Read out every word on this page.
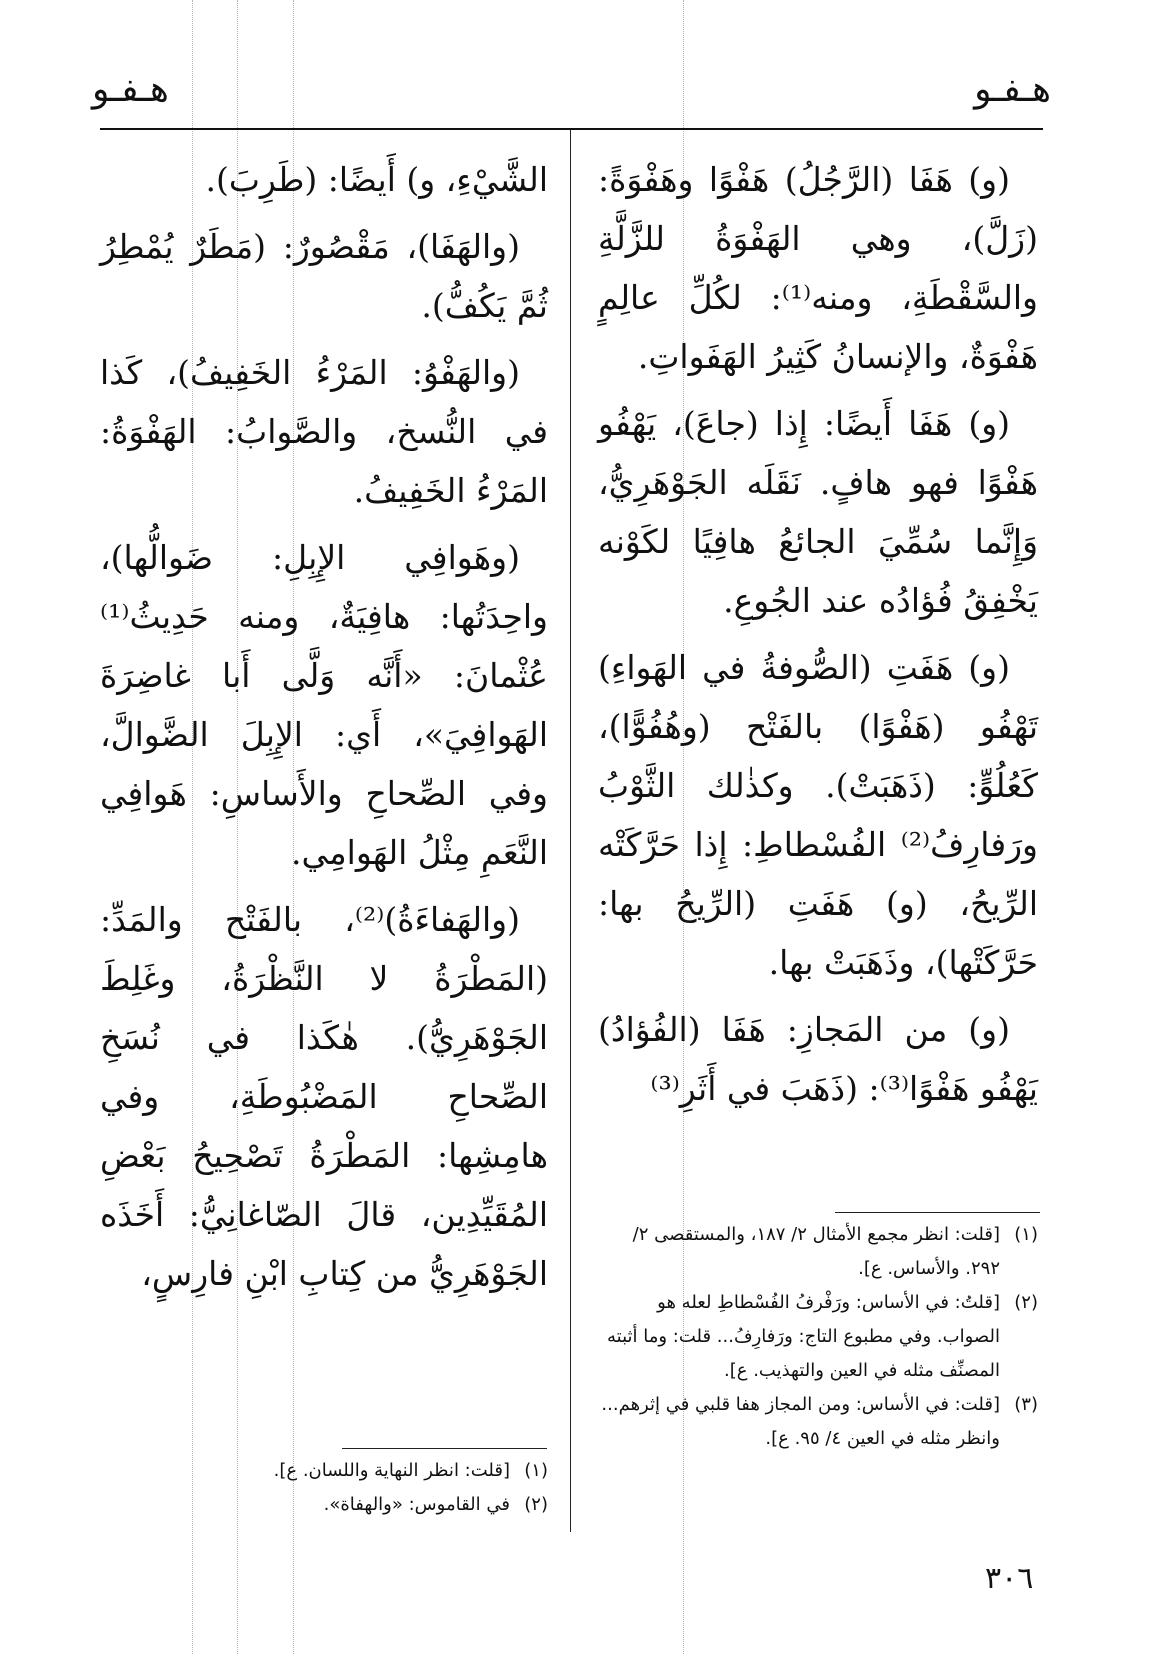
هـفـو
هـفـو

(و) هَفَا (الرَّجُلُ) هَفْوًا وهَفْوَةً: (زَلَّ)، وهي الهَفْوَةُ للزَّلَّةِ والسَّقْطَةِ، ومنه⁽¹⁾: لكُلِّ عالِمٍ هَفْوَةٌ، والإنسانُ كَثِيرُ الهَفَواتِ.

(و) هَفَا أَيضًا: إِذا (جاعَ)، يَهْفُو هَفْوًا فهو هافٍ. نَقَلَه الجَوْهَرِيُّ، وَإِنَّما سُمِّيَ الجائعُ هافِيًا لكَوْنه يَخْفِقُ فُؤادُه عند الجُوعِ.

(و) هَفَتِ (الصُّوفةُ في الهَواءِ) تَهْفُو (هَفْوًا) بالفَتْح (وهُفُوًّا)، كَعُلُوٍّ: (ذَهَبَتْ). وكذٰلك الثَّوْبُ ورَفارِفُ⁽²⁾ الفُسْطاطِ: إِذا حَرَّكَتْه الرِّيحُ، (و) هَفَتِ (الرِّيحُ بها: حَرَّكَتْها)، وذَهَبَتْ بها.

(و) من المَجازِ: هَفَا (الفُؤادُ) يَهْفُو هَفْوًا⁽³⁾: (ذَهَبَ في أَثَرِ⁽³⁾

(١)
[قلت: انظر مجمع الأمثال ٢/ ١٨٧، والمستقصى ٢/ ٢٩٢. والأساس. ع].
(٢)
[قلتُ: في الأساس: ورَفْرفُ الفُسْطاطِ لعله هو الصواب. وفي مطبوع التاج: ورَفارِفُ... قلت: وما أثبته المصنِّف مثله في العين والتهذيب. ع].
(٣)
[قلت: في الأساس: ومن المجاز هفا قلبي في إثرهم... وانظر مثله في العين ٤/ ٩٥. ع].

الشَّيْءِ، و) أَيضًا: (طَرِبَ).

(والهَفَا)، مَقْصُورٌ: (مَطَرٌ يُمْطِرُ ثُمَّ يَكُفُّ).

(والهَفْوُ: المَرْءُ الخَفِيفُ)، كَذا في النُّسخ، والصَّوابُ: الهَفْوَةُ: المَرْءُ الخَفِيفُ.

(وهَوافِي الإِبِلِ: ضَوالُّها)، واحِدَتُها: هافِيَةٌ، ومنه حَدِيثُ⁽¹⁾ عُثْمانَ: «أَنَّه وَلَّى أَبا غاضِرَةَ الهَوافِيَ»، أَي: الإِبِلَ الضَّوالَّ، وفي الصِّحاحِ والأَساسِ: هَوافِي النَّعَمِ مِثْلُ الهَوامِي.

(والهَفاءَةُ)⁽²⁾، بالفَتْح والمَدِّ: (المَطْرَةُ لا النَّظْرَةُ، وغَلِطَ الجَوْهَرِيُّ). هٰكَذا في نُسَخِ الصِّحاحِ المَضْبُوطَةِ، وفي هامِشِها: المَطْرَةُ تَصْحِيحُ بَعْضِ المُقَيِّدِين، قالَ الصّاغانِيُّ: أَخَذَه الجَوْهَرِيُّ من كِتابِ ابْنِ فارِسٍ،

(١)
[قلت: انظر النهاية واللسان. ع].
(٢)
في القاموس: «والهفاة».
٣٠٦
